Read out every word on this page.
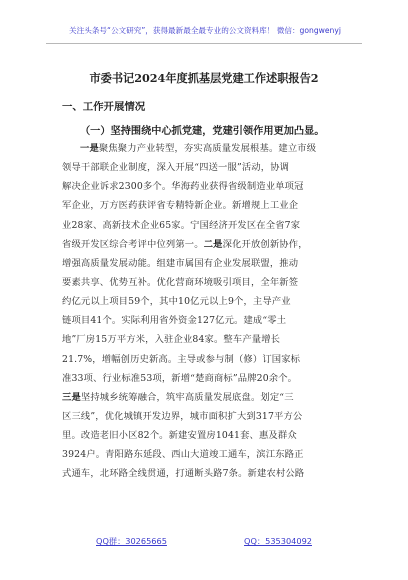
关注头条号“公文研究”，获得最新最全最专业的公文资料库！ 微信：gongwenyj
市委书记2024年度抓基层党建工作述职报告2
一、工作开展情况
（一）坚持围绕中心抓党建，党建引领作用更加凸显。
一是聚焦聚力产业转型，夯实高质量发展根基。建立市级
领导干部联企业制度，深入开展“四送一服”活动，协调
解决企业诉求2300多个。华海药业获得省级制造业单项冠
军企业，万方医药获评省专精特新企业。新增规上工业企
业28家、高新技术企业65家。宁国经济开发区在全省7家
省级开发区综合考评中位列第一。二是深化开放创新协作，
增强高质量发展动能。组建市属国有企业发展联盟，推动
要素共享、优势互补。优化营商环境吸引项目，全年新签
约亿元以上项目59个，其中10亿元以上9个，主导产业
链项目41个。实际利用省外资金127亿元。建成“零土
地”厂房15万平方米，入驻企业84家。整车产量增长
21.7%，增幅创历史新高。主导或参与制（修）订国家标
准33项、行业标准53项，新增“楚商商标”品牌20余个。
三是坚持城乡统筹融合，筑牢高质量发展底盘。划定“三
区三线”，优化城镇开发边界，城市面积扩大到317平方公
里。改造老旧小区82个。新建安置房1041套、惠及群众
3924户。青阳路东延段、西山大道竣工通车，滨江东路正
式通车，北环路全线贯通，打通断头路7条。新建农村公路
QQ群：30265665	QQ：535304092
